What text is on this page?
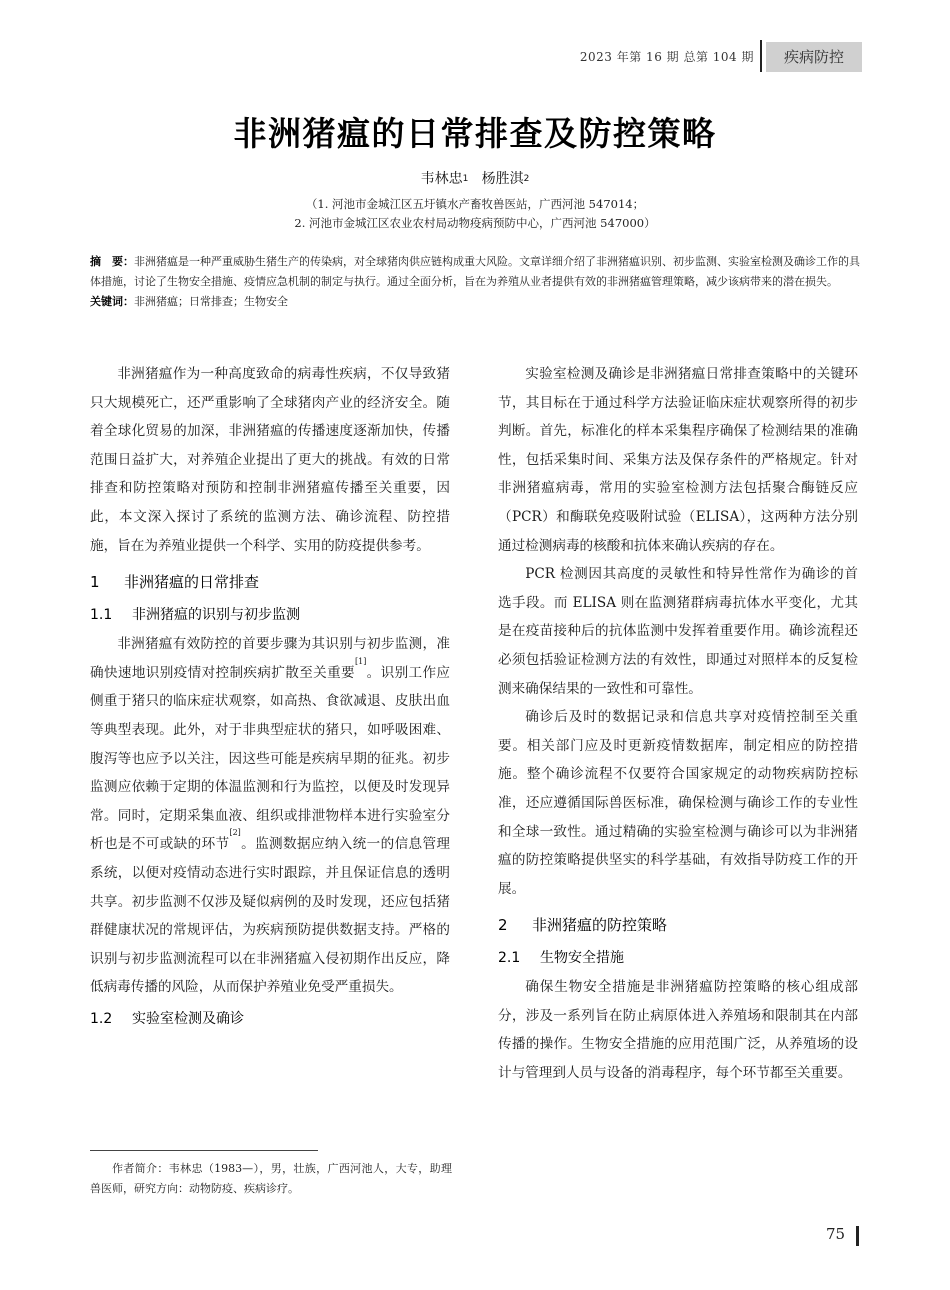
2023 年第 16 期 总第 104 期	疾病防控
非洲猪瘟的日常排查及防控策略
韦林忠$^1$ 杨胜淇$^2$
（1. 河池市金城江区五圩镇水产畜牧兽医站，广西河池 547014；
2. 河池市金城江区农业农村局动物疫病预防中心，广西河池 547000）
摘　要：非洲猪瘟是一种严重威胁生猪生产的传染病，对全球猪肉供应链构成重大风险。文章详细介绍了非洲猪瘟识别、初步监测、实验室检测及确诊工作的具体措施，讨论了生物安全措施、疫情应急机制的制定与执行。通过全面分析，旨在为养殖从业者提供有效的非洲猪瘟管理策略，减少该病带来的潜在损失。
关键词：非洲猪瘟；日常排查；生物安全

非洲猪瘟作为一种高度致命的病毒性疾病，不仅导致猪只大规模死亡，还严重影响了全球猪肉产业的经济安全。随着全球化贸易的加深，非洲猪瘟的传播速度逐渐加快，传播范围日益扩大，对养殖企业提出了更大的挑战。有效的日常排查和防控策略对预防和控制非洲猪瘟传播至关重要，因此，本文深入探讨了系统的监测方法、确诊流程、防控措施，旨在为养殖业提供一个科学、实用的防疫提供参考。

1 非洲猪瘟的日常排查
1.1 非洲猪瘟的识别与初步监测

非洲猪瘟有效防控的首要步骤为其识别与初步监测，准确快速地识别疫情对控制疾病扩散至关重要[1]。识别工作应侧重于猪只的临床症状观察，如高热、食欲减退、皮肤出血等典型表现。此外，对于非典型症状的猪只，如呼吸困难、腹泻等也应予以关注，因这些可能是疾病早期的征兆。初步监测应依赖于定期的体温监测和行为监控，以便及时发现异常。同时，定期采集血液、组织或排泄物样本进行实验室分析也是不可或缺的环节[2]。监测数据应纳入统一的信息管理系统，以便对疫情动态进行实时跟踪，并且保证信息的透明共享。初步监测不仅涉及疑似病例的及时发现，还应包括猪群健康状况的常规评估，为疾病预防提供数据支持。严格的识别与初步监测流程可以在非洲猪瘟入侵初期作出反应，降低病毒传播的风险，从而保护养殖业免受严重损失。

1.2 实验室检测及确诊

实验室检测及确诊是非洲猪瘟日常排查策略中的关键环节，其目标在于通过科学方法验证临床症状观察所得的初步判断。首先，标准化的样本采集程序确保了检测结果的准确性，包括采集时间、采集方法及保存条件的严格规定。针对非洲猪瘟病毒，常用的实验室检测方法包括聚合酶链反应（PCR）和酶联免疫吸附试验（ELISA），这两种方法分别通过检测病毒的核酸和抗体来确认疾病的存在。

PCR 检测因其高度的灵敏性和特异性常作为确诊的首选手段。而 ELISA 则在监测猪群病毒抗体水平变化，尤其是在疫苗接种后的抗体监测中发挥着重要作用。确诊流程还必须包括验证检测方法的有效性，即通过对照样本的反复检测来确保结果的一致性和可靠性。

确诊后及时的数据记录和信息共享对疫情控制至关重要。相关部门应及时更新疫情数据库，制定相应的防控措施。整个确诊流程不仅要符合国家规定的动物疾病防控标准，还应遵循国际兽医标准，确保检测与确诊工作的专业性和全球一致性。通过精确的实验室检测与确诊可以为非洲猪瘟的防控策略提供坚实的科学基础，有效指导防疫工作的开展。

2 非洲猪瘟的防控策略
2.1 生物安全措施

确保生物安全措施是非洲猪瘟防控策略的核心组成部分，涉及一系列旨在防止病原体进入养殖场和限制其在内部传播的操作。生物安全措施的应用范围广泛，从养殖场的设计与管理到人员与设备的消毒程序，每个环节都至关重要。

作者简介：韦林忠（1983—），男，壮族，广西河池人，大专，助理兽医师，研究方向：动物防疫、疾病诊疗。
75
